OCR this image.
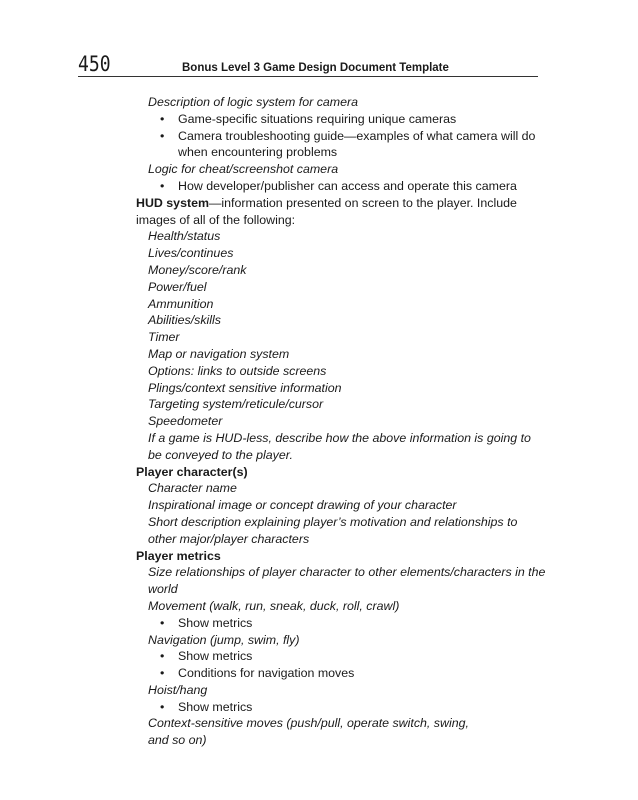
450	Bonus Level 3 Game Design Document Template

Description of logic system for camera

• Game-specific situations requiring unique cameras

• Camera troubleshooting guide—examples of what camera will do when encountering problems

Logic for cheat/screenshot camera

• How developer/publisher can access and operate this camera

HUD system—information presented on screen to the player. Include images of all of the following:

Health/status

Lives/continues

Money/score/rank

Power/fuel

Ammunition

Abilities/skills

Timer

Map or navigation system

Options: links to outside screens

Plings/context sensitive information

Targeting system/reticule/cursor

Speedometer

If a game is HUD-less, describe how the above information is going to be conveyed to the player.

Player character(s)

Character name

Inspirational image or concept drawing of your character

Short description explaining player’s motivation and relationships to other major/player characters

Player metrics

Size relationships of player character to other elements/characters in the world

Movement (walk, run, sneak, duck, roll, crawl)

• Show metrics

Navigation (jump, swim, fly)

• Show metrics

• Conditions for navigation moves

Hoist/hang

• Show metrics

Context-sensitive moves (push/pull, operate switch, swing, and so on)
